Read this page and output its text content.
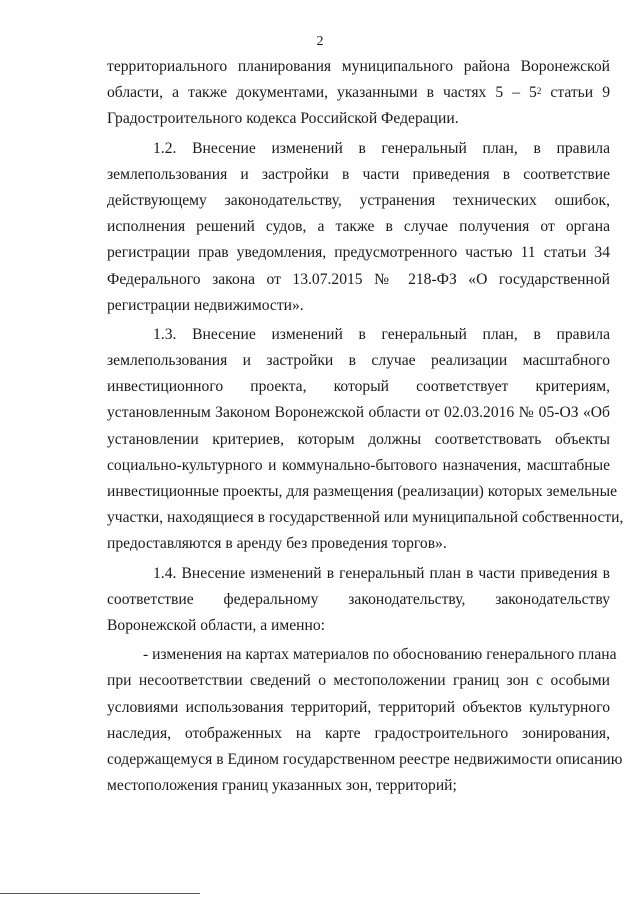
2
территориального планирования муниципального района Воронежской
области, а также документами, указанными в частях $5 - 5^2$ статьи 9
Градостроительного кодекса Российской Федерации.
1.2. Внесение изменений в генеральный план, в правила
землепользования и застройки в части приведения в соответствие
действующему законодательству, устранения технических ошибок,
исполнения решений судов, а также в случае получения от органа
регистрации прав уведомления, предусмотренного частью 11 статьи 34
Федерального закона от 13.07.2015 № 218-ФЗ «О государственной
регистрации недвижимости».
1.3. Внесение изменений в генеральный план, в правила
землепользования и застройки в случае реализации масштабного
инвестиционного проекта, который соответствует критериям,
установленным Законом Воронежской области от 02.03.2016 № 05-ОЗ «Об
установлении критериев, которым должны соответствовать объекты
социально-культурного и коммунально-бытового назначения, масштабные
инвестиционные проекты, для размещения (реализации) которых земельные
участки, находящиеся в государственной или муниципальной собственности,
предоставляются в аренду без проведения торгов».
1.4. Внесение изменений в генеральный план в части приведения в
соответствие федеральному законодательству, законодательству
Воронежской области, а именно:
- изменения на картах материалов по обоснованию генерального плана
при несоответствии сведений о местоположении границ зон с особыми
условиями использования территорий, территорий объектов культурного
наследия, отображенных на карте градостроительного зонирования,
содержащемуся в Едином государственном реестре недвижимости описанию
местоположения границ указанных зон, территорий;
